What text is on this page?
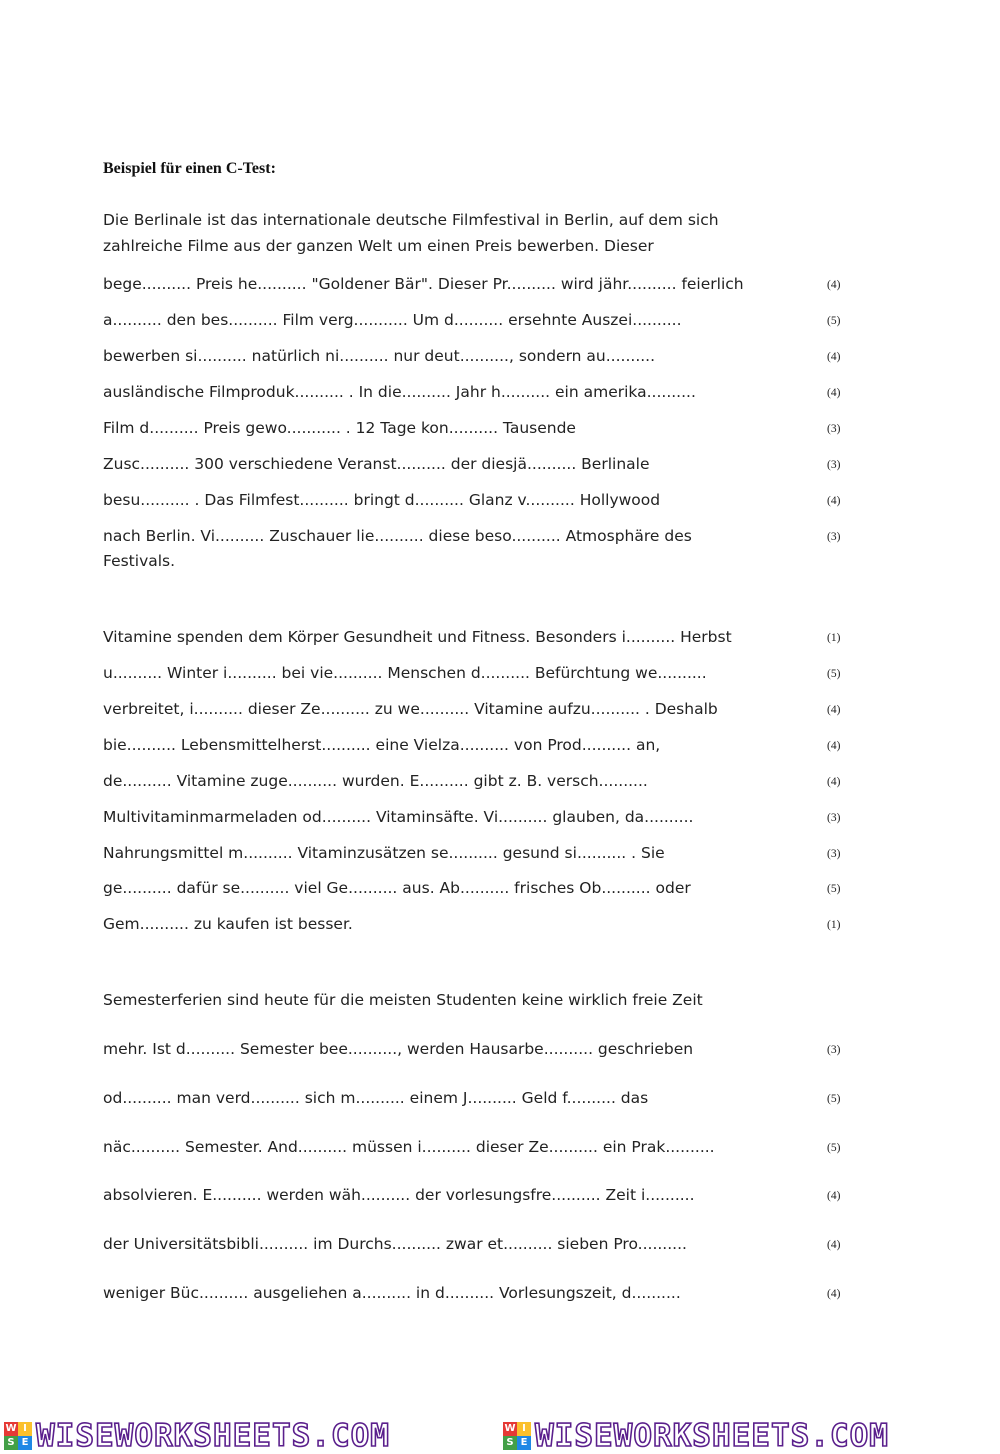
Beispiel für einen C-Test:
Die Berlinale ist das internationale deutsche Filmfestival in Berlin, auf dem sich
zahlreiche Filme aus der ganzen Welt um einen Preis bewerben. Dieser
bege.......... Preis he.......... "Goldener Bär". Dieser Pr.......... wird jähr.......... feierlich	(4)
a.......... den bes.......... Film verg........... Um d.......... ersehnte Auszei..........	(5)
bewerben si.......... natürlich ni.......... nur deut.........., sondern au..........	(4)
ausländische Filmproduk.......... . In die.......... Jahr h.......... ein amerika..........	(4)
Film d.......... Preis gewo........... . 12 Tage kon.......... Tausende	(3)
Zusc.......... 300 verschiedene Veranst.......... der diesjä.......... Berlinale	(3)
besu.......... . Das Filmfest.......... bringt d.......... Glanz v.......... Hollywood	(4)
nach Berlin. Vi.......... Zuschauer lie.......... diese beso.......... Atmosphäre des	(3)
Festivals.
Vitamine spenden dem Körper Gesundheit und Fitness. Besonders i.......... Herbst	(1)
u.......... Winter i.......... bei vie.......... Menschen d.......... Befürchtung we..........	(5)
verbreitet, i.......... dieser Ze.......... zu we.......... Vitamine aufzu.......... . Deshalb	(4)
bie.......... Lebensmittelherst.......... eine Vielza.......... von Prod.......... an,	(4)
de.......... Vitamine zuge.......... wurden. E.......... gibt z. B. versch..........	(4)
Multivitaminmarmeladen od.......... Vitaminsäfte. Vi.......... glauben, da..........	(3)
Nahrungsmittel m.......... Vitaminzusätzen se.......... gesund si.......... . Sie	(3)
ge.......... dafür se.......... viel Ge.......... aus. Ab.......... frisches Ob.......... oder	(5)
Gem.......... zu kaufen ist besser.	(1)
Semesterferien sind heute für die meisten Studenten keine wirklich freie Zeit
mehr. Ist d.......... Semester bee.........., werden Hausarbe.......... geschrieben	(3)
od.......... man verd.......... sich m.......... einem J.......... Geld f.......... das	(5)
näc.......... Semester. And.......... müssen i.......... dieser Ze.......... ein Prak..........	(5)
absolvieren. E.......... werden wäh.......... der vorlesungsfre.......... Zeit i..........	(4)
der Universitätsbibli.......... im Durchs.......... zwar et.......... sieben Pro..........	(4)
weniger Büc.......... ausgeliehen a.......... in d.......... Vorlesungszeit, d..........	(4)
W I
S E WISEWORKSHEETS.COM	W I
S E WISEWORKSHEETS.COM
